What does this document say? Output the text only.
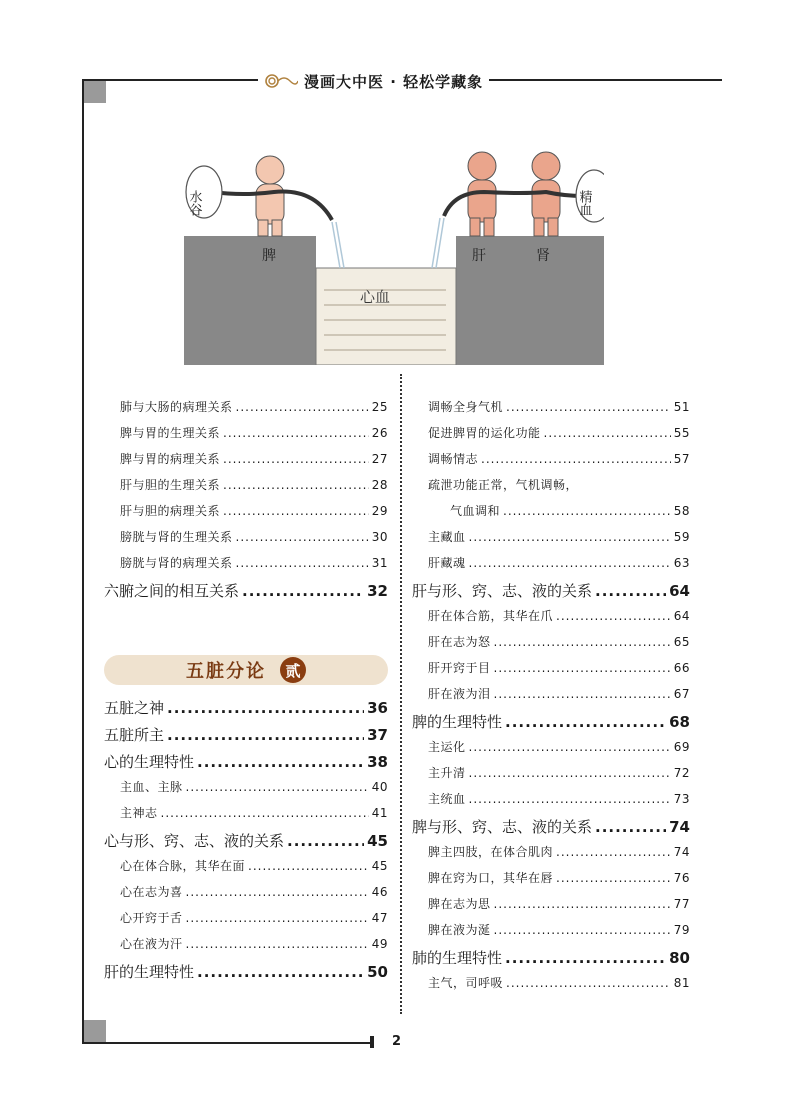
漫画大中医 · 轻松学藏象
心血
水谷	精血
脾	肝	肾
肺与大肠的病理关系 .....	25
脾与胃的生理关系 .....	26
脾与胃的病理关系 .....	27
肝与胆的生理关系 .....	28
肝与胆的病理关系 .....	29
膀胱与肾的生理关系 .....	30
膀胱与肾的病理关系 .....	31
六腑之间的相互关系 .....	32
五脏分论	贰
五脏之神 .....	36
五脏所主 .....	37
心的生理特性 .....	38
主血、主脉 .....	40
主神志 .....	41
心与形、窍、志、液的关系 .....	45
心在体合脉，其华在面 .....	45
心在志为喜 .....	46
心开窍于舌 .....	47
心在液为汗 .....	49
肝的生理特性 .....	50
调畅全身气机 .....	51
促进脾胃的运化功能 .....	55
调畅情志 .....	57
疏泄功能正常，气机调畅，
气血调和 .....	58
主藏血 .....	59
肝藏魂 .....	63
肝与形、窍、志、液的关系 .....	64
肝在体合筋，其华在爪 .....	64
肝在志为怒 .....	65
肝开窍于目 .....	66
肝在液为泪 .....	67
脾的生理特性 .....	68
主运化 .....	69
主升清 .....	72
主统血 .....	73
脾与形、窍、志、液的关系 .....	74
脾主四肢，在体合肌肉 .....	74
脾在窍为口，其华在唇 .....	76
脾在志为思 .....	77
脾在液为涎 .....	79
肺的生理特性 .....	80
主气，司呼吸 .....	81
2
